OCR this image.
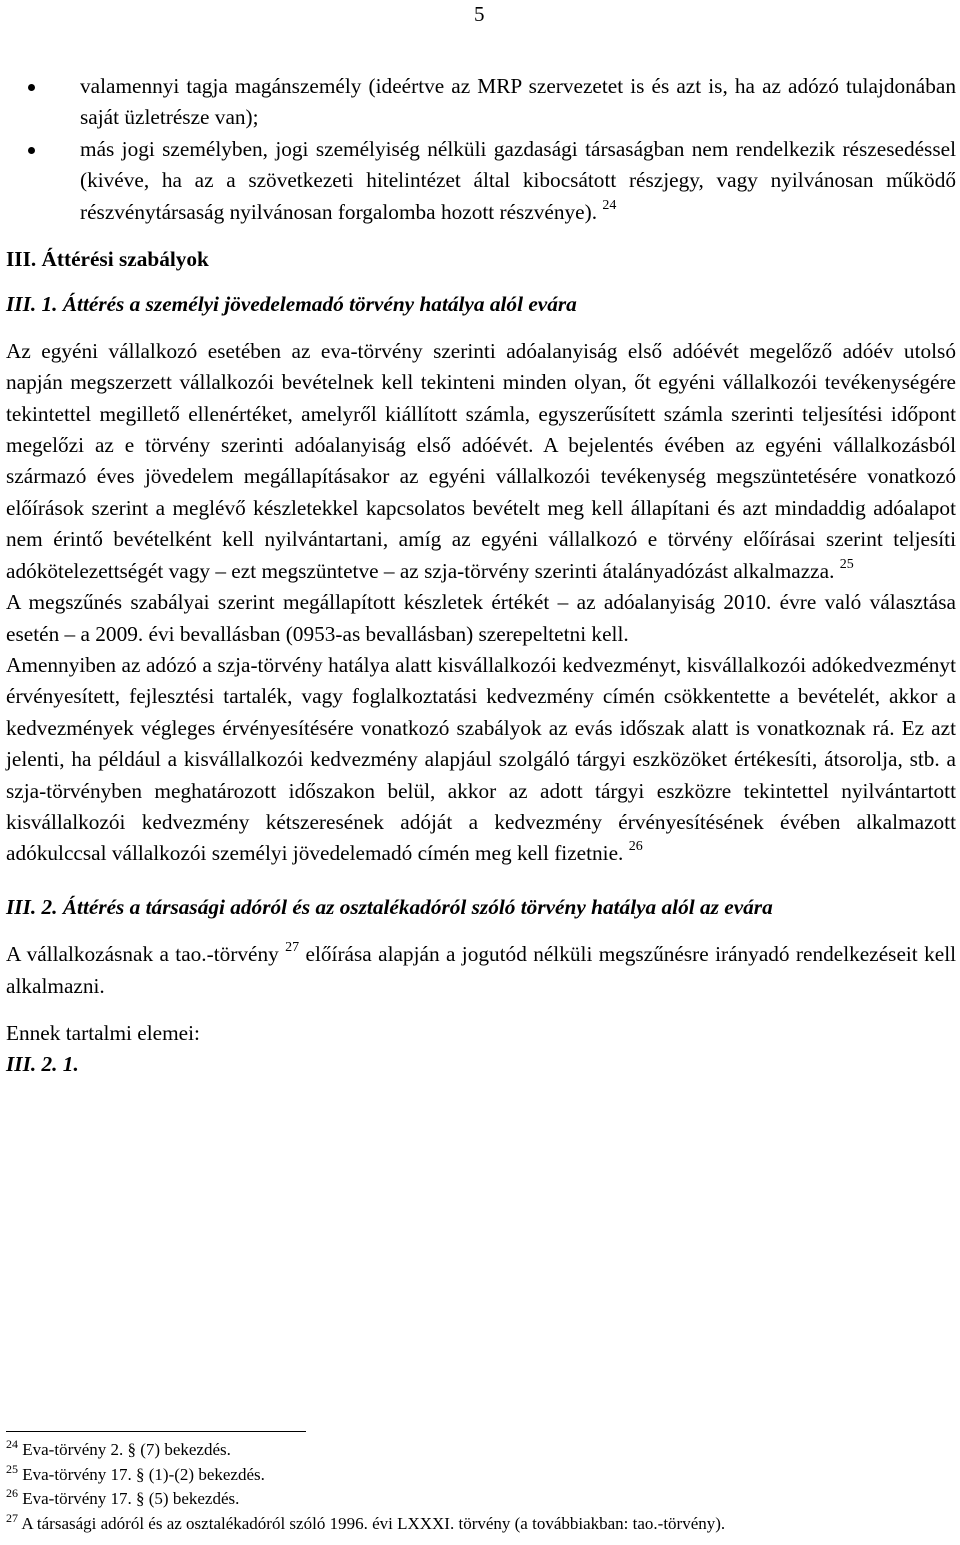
5
valamennyi tagja magánszemély (ideértve az MRP szervezetet is és azt is, ha az adózó tulajdonában saját üzletrésze van);
más jogi személyben, jogi személyiség nélküli gazdasági társaságban nem rendelkezik részesedéssel (kivéve, ha az a szövetkezeti hitelintézet által kibocsátott részjegy, vagy nyilvánosan működő részvénytársaság nyilvánosan forgalomba hozott részvénye). $^{24}$

III. Áttérési szabályok

III. 1. Áttérés a személyi jövedelemadó törvény hatálya alól evára

Az egyéni vállalkozó esetében az eva-törvény szerinti adóalanyiság első adóévét megelőző adóév utolsó napján megszerzett vállalkozói bevételnek kell tekinteni minden olyan, őt egyéni vállalkozói tevékenységére tekintettel megillető ellenértéket, amelyről kiállított számla, egyszerűsített számla szerinti teljesítési időpont megelőzi az e törvény szerinti adóalanyiság első adóévét. A bejelentés évében az egyéni vállalkozásból származó éves jövedelem megállapításakor az egyéni vállalkozói tevékenység megszüntetésére vonatkozó előírások szerint a meglévő készletekkel kapcsolatos bevételt meg kell állapítani és azt mindaddig adóalapot nem érintő bevételként kell nyilvántartani, amíg az egyéni vállalkozó e törvény előírásai szerint teljesíti adókötelezettségét vagy – ezt megszüntetve – az szja-törvény szerinti átalányadózást alkalmazza. $^{25}$

A megszűnés szabályai szerint megállapított készletek értékét – az adóalanyiság 2010. évre való választása esetén – a 2009. évi bevallásban (0953-as bevallásban) szerepeltetni kell.

Amennyiben az adózó a szja-törvény hatálya alatt kisvállalkozói kedvezményt, kisvállalkozói adókedvezményt érvényesített, fejlesztési tartalék, vagy foglalkoztatási kedvezmény címén csökkentette a bevételét, akkor a kedvezmények végleges érvényesítésére vonatkozó szabályok az evás időszak alatt is vonatkoznak rá. Ez azt jelenti, ha például a kisvállalkozói kedvezmény alapjául szolgáló tárgyi eszközöket értékesíti, átsorolja, stb. a szja-törvényben meghatározott időszakon belül, akkor az adott tárgyi eszközre tekintettel nyilvántartott kisvállalkozói kedvezmény kétszeresének adóját a kedvezmény érvényesítésének évében alkalmazott adókulccsal vállalkozói személyi jövedelemadó címén meg kell fizetnie. $^{26}$

III. 2. Áttérés a társasági adóról és az osztalékadóról szóló törvény hatálya alól az evára

A vállalkozásnak a tao.-törvény $^{27}$ előírása alapján a jogutód nélküli megszűnésre irányadó rendelkezéseit kell alkalmazni.

Ennek tartalmi elemei:

III. 2. 1.

$^{24}$ Eva-törvény 2. § (7) bekezdés.
$^{25}$ Eva-törvény 17. § (1)-(2) bekezdés.
$^{26}$ Eva-törvény 17. § (5) bekezdés.
$^{27}$ A társasági adóról és az osztalékadóról szóló 1996. évi LXXXI. törvény (a továbbiakban: tao.-törvény).
